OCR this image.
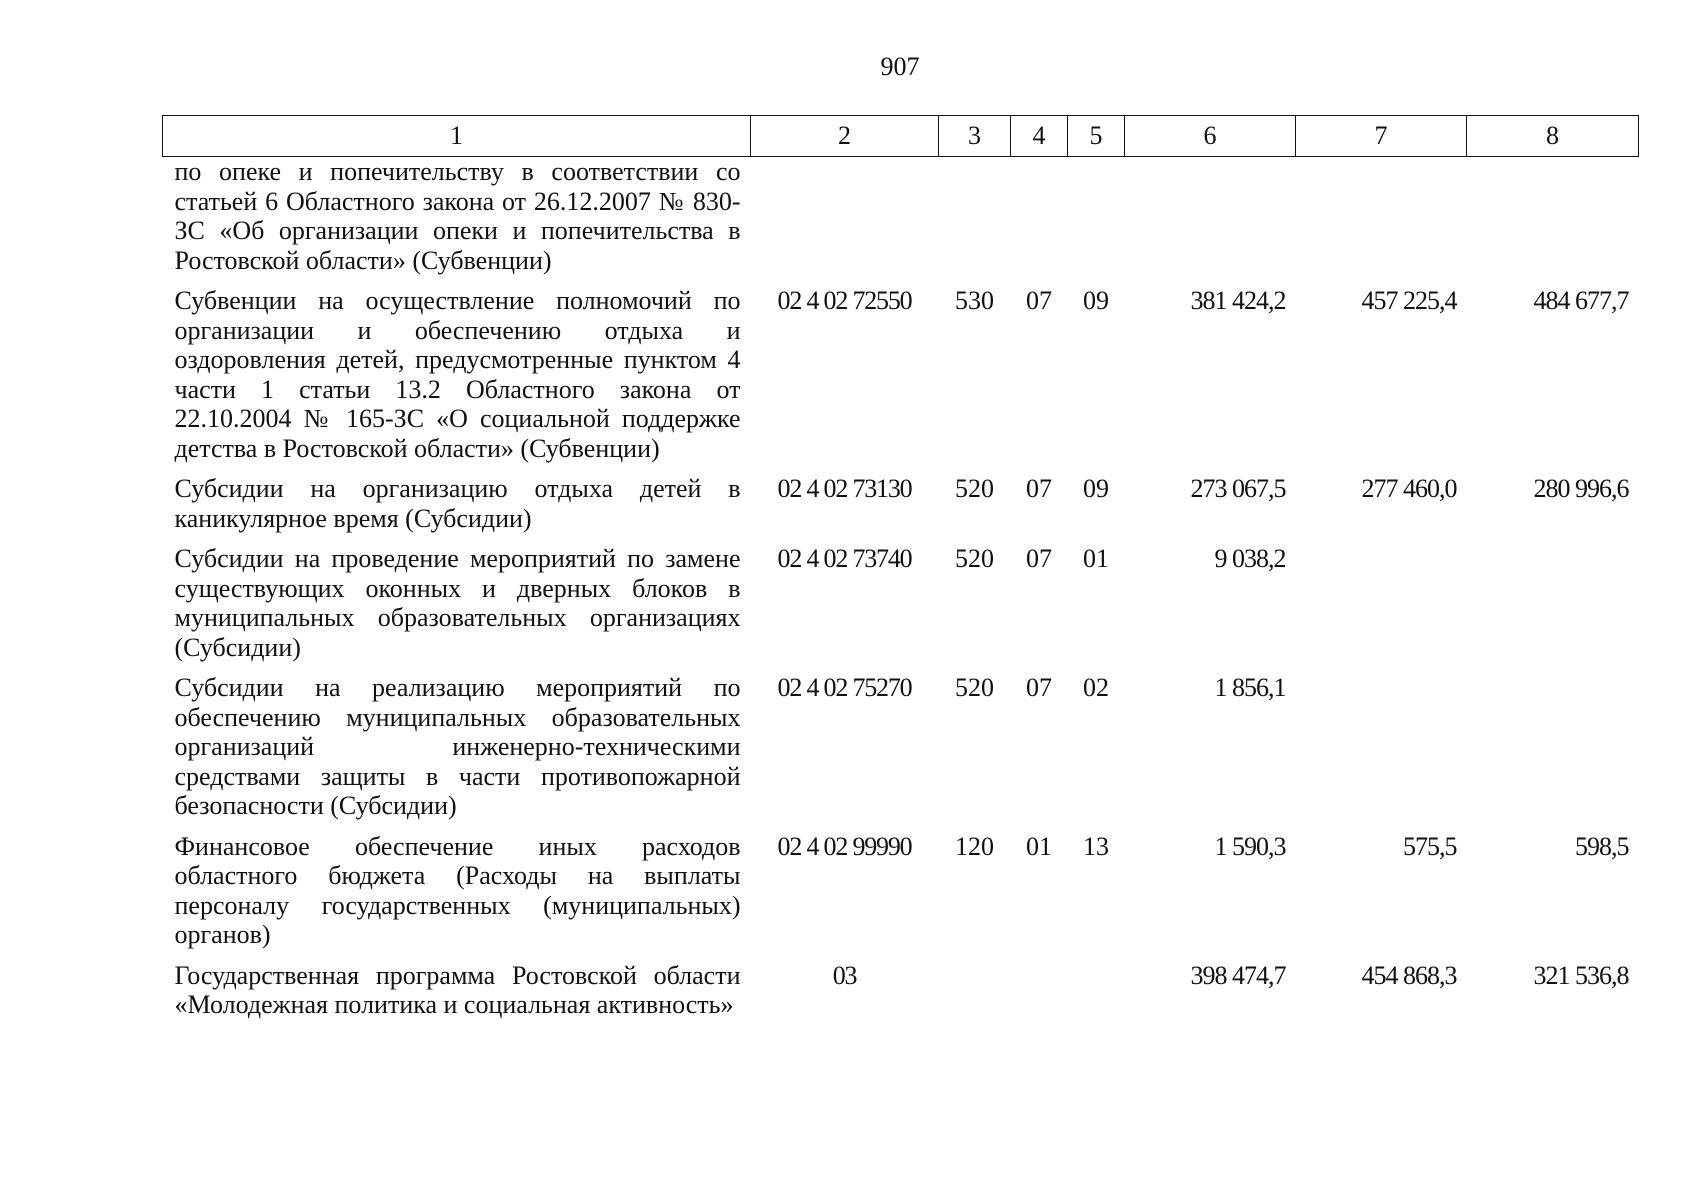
907
1	2	3	4	5	6	7	8
по опеке и попечительству в соответствии со статьей 6 Областного закона от 26.12.2007 № 830-ЗС «Об организации опеки и попечительства в Ростовской области» (Субвенции)							
Субвенции на осуществление полномочий по организации и обеспечению отдыха и оздоровления детей, предусмотренные пунктом 4 части 1 статьи 13.2 Областного закона от 22.10.2004 № 165-ЗС «О социальной поддержке детства в Ростовской области» (Субвенции)	02 4 02 72550	530	07	09	381 424,2	457 225,4	484 677,7
Субсидии на организацию отдыха детей в каникулярное время (Субсидии)	02 4 02 73130	520	07	09	273 067,5	277 460,0	280 996,6
Субсидии на проведение мероприятий по замене существующих оконных и дверных блоков в муниципальных образовательных организациях (Субсидии)	02 4 02 73740	520	07	01	9 038,2		
Субсидии на реализацию мероприятий по обеспечению муниципальных образовательных организаций инженерно-техническими средствами защиты в части противопожарной безопасности (Субсидии)	02 4 02 75270	520	07	02	1 856,1		
Финансовое обеспечение иных расходов областного бюджета (Расходы на выплаты персоналу государственных (муниципальных) органов)	02 4 02 99990	120	01	13	1 590,3	575,5	598,5
Государственная программа Ростовской области «Молодежная политика и социальная активность»	03				398 474,7	454 868,3	321 536,8
